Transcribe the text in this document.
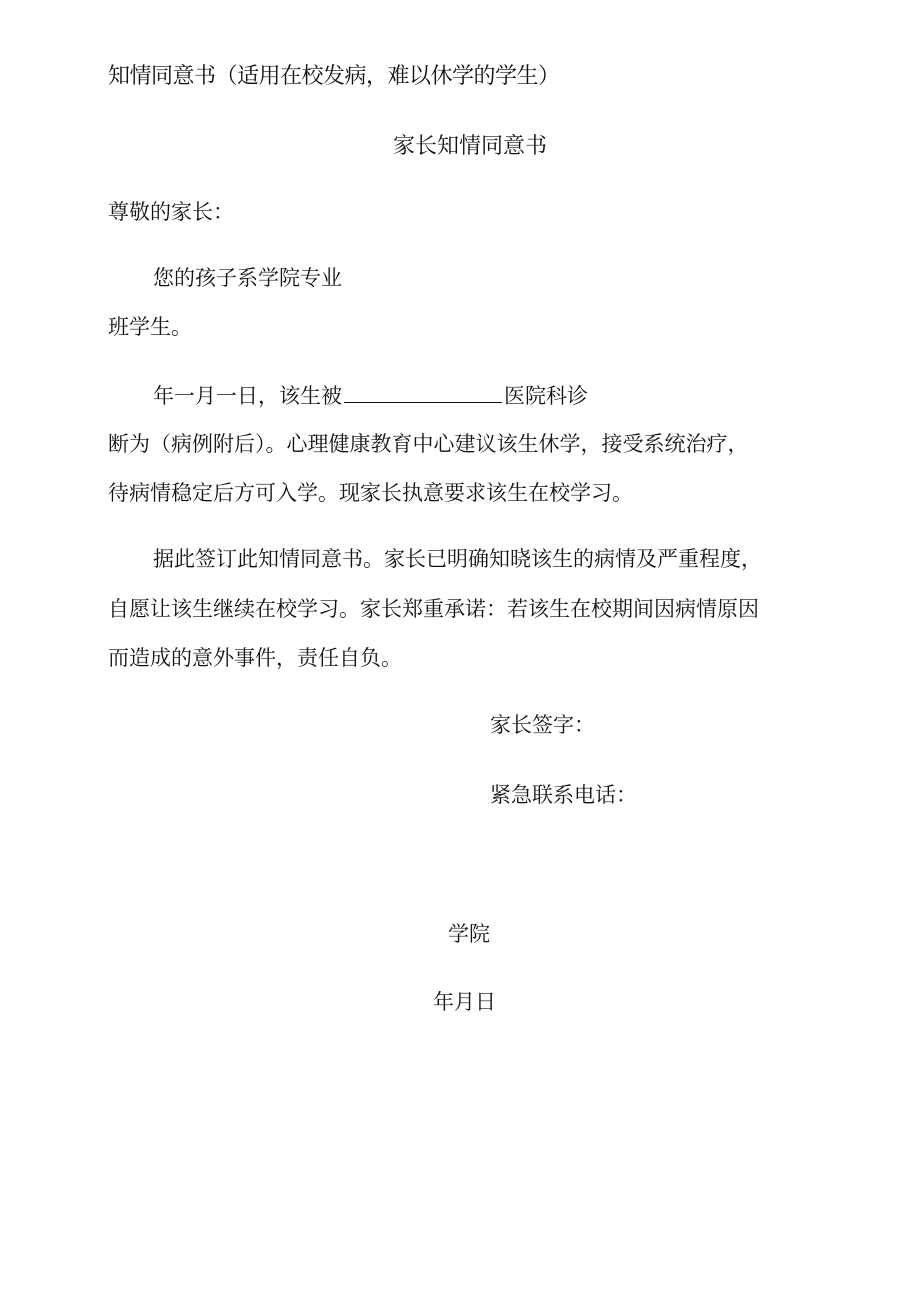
知情同意书（适用在校发病，难以休学的学生）
家长知情同意书
尊敬的家长：
您的孩子系学院专业
班学生。
年一月一日，该生被	医院科诊
断为（病例附后）。心理健康教育中心建议该生休学，接受系统治疗，
待病情稳定后方可入学。现家长执意要求该生在校学习。
据此签订此知情同意书。家长已明确知晓该生的病情及严重程度，
自愿让该生继续在校学习。家长郑重承诺：若该生在校期间因病情原因
而造成的意外事件，责任自负。
家长签字：
紧急联系电话：
学院
年月日
